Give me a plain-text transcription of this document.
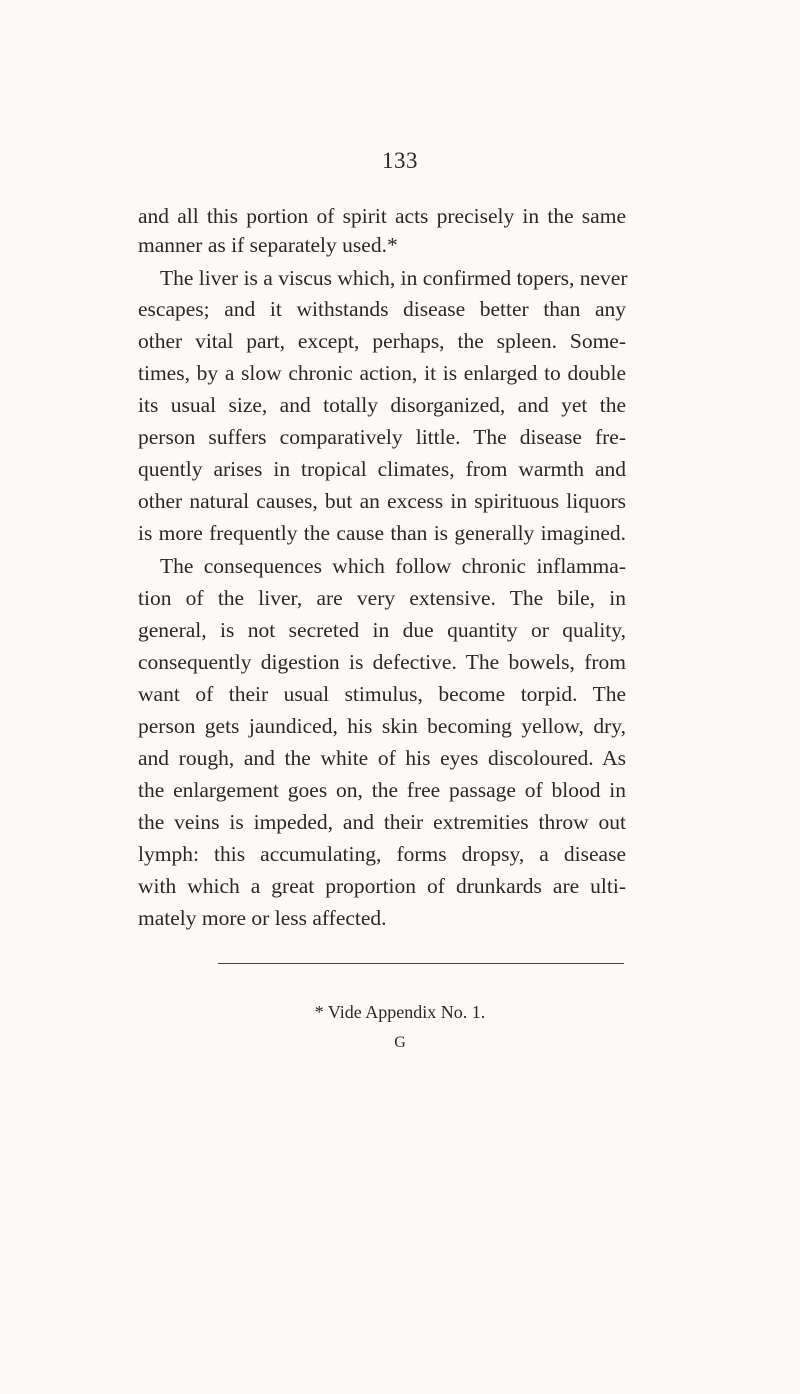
133
and all this portion of spirit acts precisely in the same
manner as if separately used.*
The liver is a viscus which, in confirmed topers, never
escapes; and it withstands disease better than any
other vital part, except, perhaps, the spleen. Some-
times, by a slow chronic action, it is enlarged to double
its usual size, and totally disorganized, and yet the
person suffers comparatively little. The disease fre-
quently arises in tropical climates, from warmth and
other natural causes, but an excess in spirituous liquors
is more frequently the cause than is generally imagined.
The consequences which follow chronic inflamma-
tion of the liver, are very extensive. The bile, in
general, is not secreted in due quantity or quality,
consequently digestion is defective. The bowels, from
want of their usual stimulus, become torpid. The
person gets jaundiced, his skin becoming yellow, dry,
and rough, and the white of his eyes discoloured. As
the enlargement goes on, the free passage of blood in
the veins is impeded, and their extremities throw out
lymph: this accumulating, forms dropsy, a disease
with which a great proportion of drunkards are ulti-
mately more or less affected.
* Vide Appendix No. 1.
G
